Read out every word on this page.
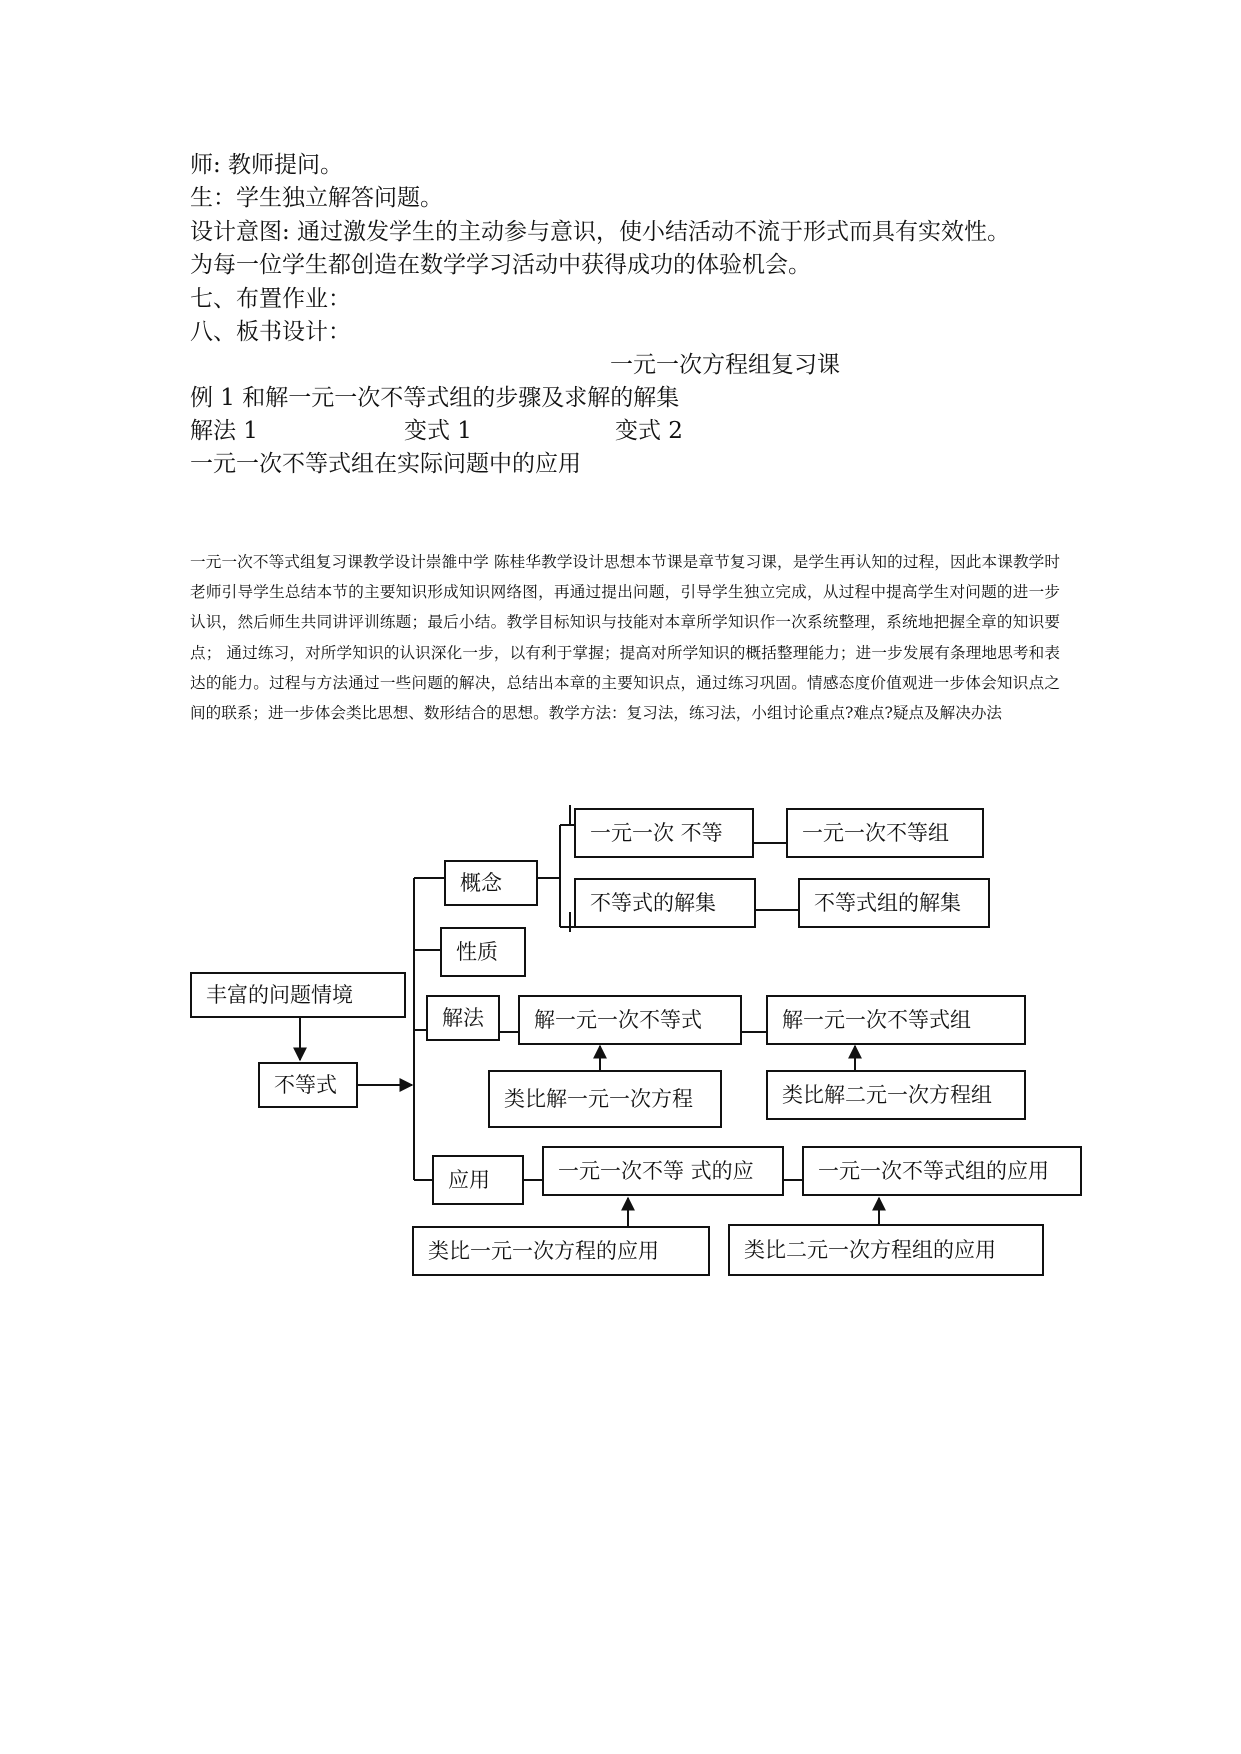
师: 教师提问。
生：学生独立解答问题。
设计意图: 通过激发学生的主动参与意识，使小结活动不流于形式而具有实效性。
为每一位学生都创造在数学学习活动中获得成功的体验机会。
七、布置作业：
八、板书设计：
一元一次方程组复习课
例 1 和解一元一次不等式组的步骤及求解的解集
解法 1	变式 1	变式 2
一元一次不等式组在实际问题中的应用

一元一次不等式组复习课教学设计崇雒中学 陈桂华教学设计思想本节课是章节复习课，是学生再认知的过程，因此本课教学时老师引导学生总结本节的主要知识形成知识网络图，再通过提出问题，引导学生独立完成，从过程中提高学生对问题的进一步认识，然后师生共同讲评训练题；最后小结。教学目标知识与技能对本章所学知识作一次系统整理，系统地把握全章的知识要点； 通过练习，对所学知识的认识深化一步，以有利于掌握；提高对所学知识的概括整理能力；进一步发展有条理地思考和表达的能力。过程与方法通过一些问题的解决，总结出本章的主要知识点，通过练习巩固。情感态度价值观进一步体会知识点之间的联系；进一步体会类比思想、数形结合的思想。教学方法：复习法，练习法，小组讨论重点?难点?疑点及解决办法

丰富的问题情境
不等式
概念
性质
解法
应用
一元一次 不等	一元一次不等组
不等式的解集	不等式组的解集
解一元一次不等式	解一元一次不等式组
类比解一元一次方程	类比解二元一次方程组
一元一次不等 式的应	一元一次不等式组的应用
类比一元一次方程的应用	类比二元一次方程组的应用
